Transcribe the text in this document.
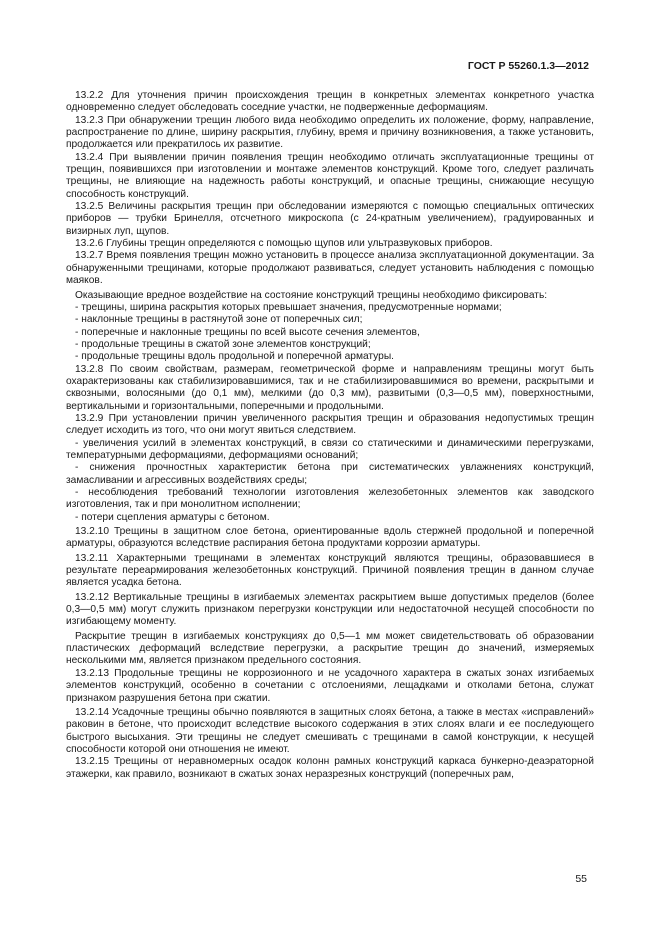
ГОСТ Р 55260.1.3—2012

13.2.2 Для уточнения причин происхождения трещин в конкретных элементах конкретного участка одновременно следует обследовать соседние участки, не подверженные деформациям.

13.2.3 При обнаружении трещин любого вида необходимо определить их положение, форму, направление, распространение по длине, ширину раскрытия, глубину, время и причину возникновения, а также установить, продолжается или прекратилось их развитие.

13.2.4 При выявлении причин появления трещин необходимо отличать эксплуатационные трещины от трещин, появившихся при изготовлении и монтаже элементов конструкций. Кроме того, следует различать трещины, не влияющие на надежность работы конструкций, и опасные трещины, снижающие несущую способность конструкций.

13.2.5 Величины раскрытия трещин при обследовании измеряются с помощью специальных оптических приборов — трубки Бринелля, отсчетного микроскопа (с 24-кратным увеличением), градуированных и визирных луп, щупов.

13.2.6 Глубины трещин определяются с помощью щупов или ультразвуковых приборов.

13.2.7 Время появления трещин можно установить в процессе анализа эксплуатационной документации. За обнаруженными трещинами, которые продолжают развиваться, следует установить наблюдения с помощью маяков.

Оказывающие вредное воздействие на состояние конструкций трещины необходимо фиксировать:

- трещины, ширина раскрытия которых превышает значения, предусмотренные нормами;

- наклонные трещины в растянутой зоне от поперечных сил;

- поперечные и наклонные трещины по всей высоте сечения элементов,

- продольные трещины в сжатой зоне элементов конструкций;

- продольные трещины вдоль продольной и поперечной арматуры.

13.2.8 По своим свойствам, размерам, геометрической форме и направлениям трещины могут быть охарактеризованы как стабилизировавшимися, так и не стабилизировавшимися во времени, раскрытыми и сквозными, волосяными (до 0,1 мм), мелкими (до 0,3 мм), развитыми (0,3—0,5 мм), поверхностными, вертикальными и горизонтальными, поперечными и продольными.

13.2.9 При установлении причин увеличенного раскрытия трещин и образования недопустимых трещин следует исходить из того, что они могут явиться следствием.

- увеличения усилий в элементах конструкций, в связи со статическими и динамическими перегрузками, температурными деформациями, деформациями оснований;

- снижения прочностных характеристик бетона при систематических увлажнениях конструкций, замасливании и агрессивных воздействиях среды;

- несоблюдения требований технологии изготовления железобетонных элементов как заводского изготовления, так и при монолитном исполнении;

- потери сцепления арматуры с бетоном.

13.2.10 Трещины в защитном слое бетона, ориентированные вдоль стержней продольной и поперечной арматуры, образуются вследствие распирания бетона продуктами коррозии арматуры.

13.2.11 Характерными трещинами в элементах конструкций являются трещины, образовавшиеся в результате переармирования железобетонных конструкций. Причиной появления трещин в данном случае является усадка бетона.

13.2.12 Вертикальные трещины в изгибаемых элементах раскрытием выше допустимых пределов (более 0,3—0,5 мм) могут служить признаком перегрузки конструкции или недостаточной несущей способности по изгибающему моменту.

Раскрытие трещин в изгибаемых конструкциях до 0,5—1 мм может свидетельствовать об образовании пластических деформаций вследствие перегрузки, а раскрытие трещин до значений, измеряемых несколькими мм, является признаком предельного состояния.

13.2.13 Продольные трещины не коррозионного и не усадочного характера в сжатых зонах изгибаемых элементов конструкций, особенно в сочетании с отслоениями, лещадками и отколами бетона, служат признаком разрушения бетона при сжатии.

13.2.14 Усадочные трещины обычно появляются в защитных слоях бетона, а также в местах «исправлений» раковин в бетоне, что происходит вследствие высокого содержания в этих слоях влаги и ее последующего быстрого высыхания. Эти трещины не следует смешивать с трещинами в самой конструкции, к несущей способности которой они отношения не имеют.

13.2.15 Трещины от неравномерных осадок колонн рамных конструкций каркаса бункерно-деаэраторной этажерки, как правило, возникают в сжатых зонах неразрезных конструкций (поперечных рам,

55
